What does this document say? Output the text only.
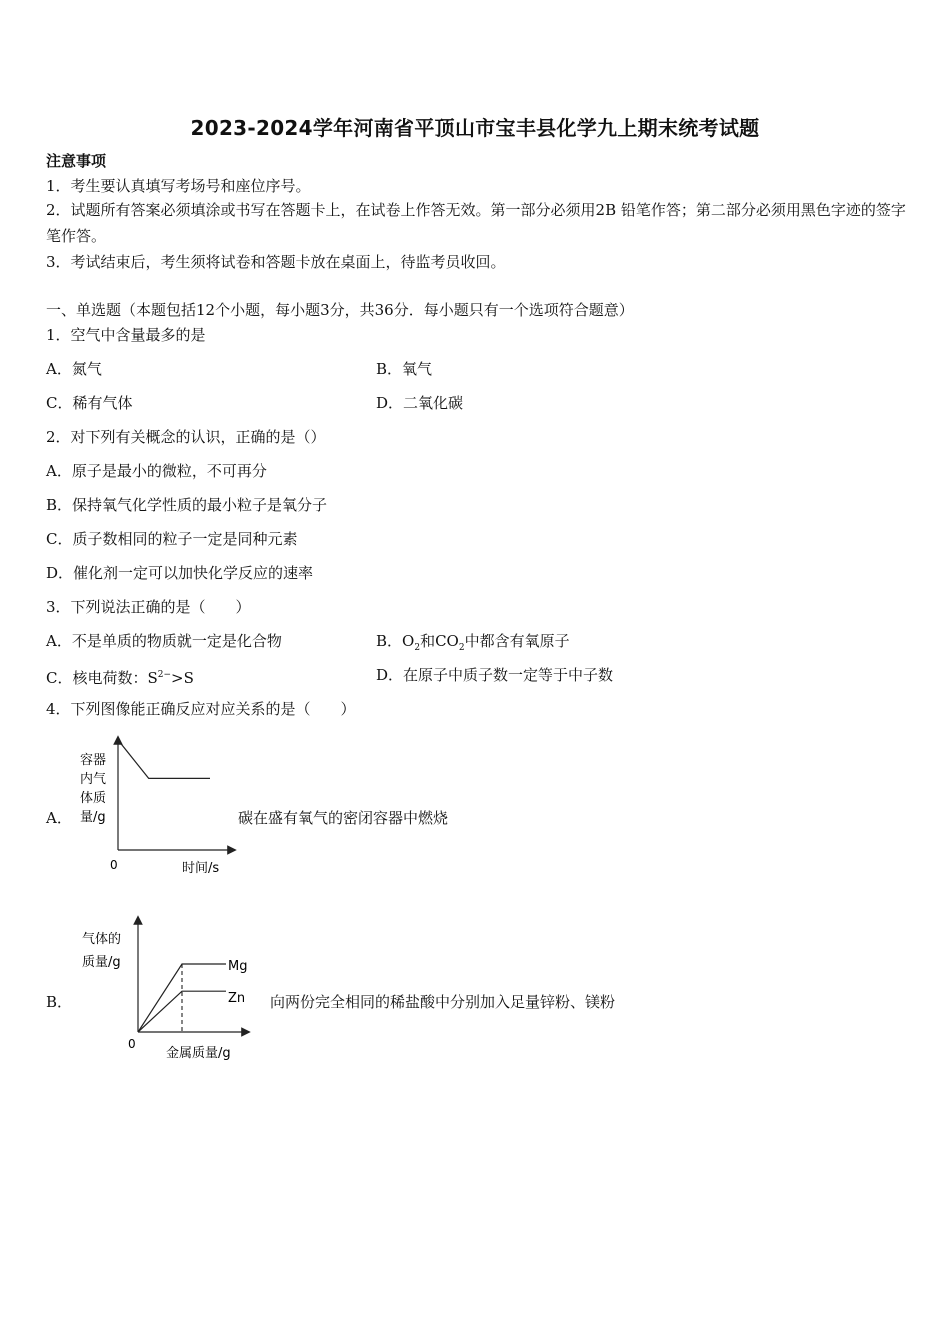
2023-2024学年河南省平顶山市宝丰县化学九上期末统考试题
注意事项
1．考生要认真填写考场号和座位序号。
2．试题所有答案必须填涂或书写在答题卡上，在试卷上作答无效。第一部分必须用2B 铅笔作答；第二部分必须用黑色字迹的签字笔作答。
3．考试结束后，考生须将试卷和答题卡放在桌面上，待监考员收回。
一、单选题（本题包括12个小题，每小题3分，共36分．每小题只有一个选项符合题意）
1．空气中含量最多的是
A．氮气	B．氧气
C．稀有气体	D．二氧化碳
2．对下列有关概念的认识，正确的是（）
A．原子是最小的微粒，不可再分
B．保持氧气化学性质的最小粒子是氧分子
C．质子数相同的粒子一定是同种元素
D．催化剂一定可以加快化学反应的速率
3．下列说法正确的是（　　）
A．不是单质的物质就一定是化合物	B．$O_2$和$CO_2$中都含有氧原子
C．核电荷数：$S^{2-}>S$	D．在原子中质子数一定等于中子数
4．下列图像能正确反应对应关系的是（　　）
A．
容器
内气
体质
量/g
0	时间/s
碳在盛有氧气的密闭容器中燃烧
B．
Mg
Zn
气体的
质量/g
0
金属质量/g
向两份完全相同的稀盐酸中分别加入足量锌粉、镁粉
